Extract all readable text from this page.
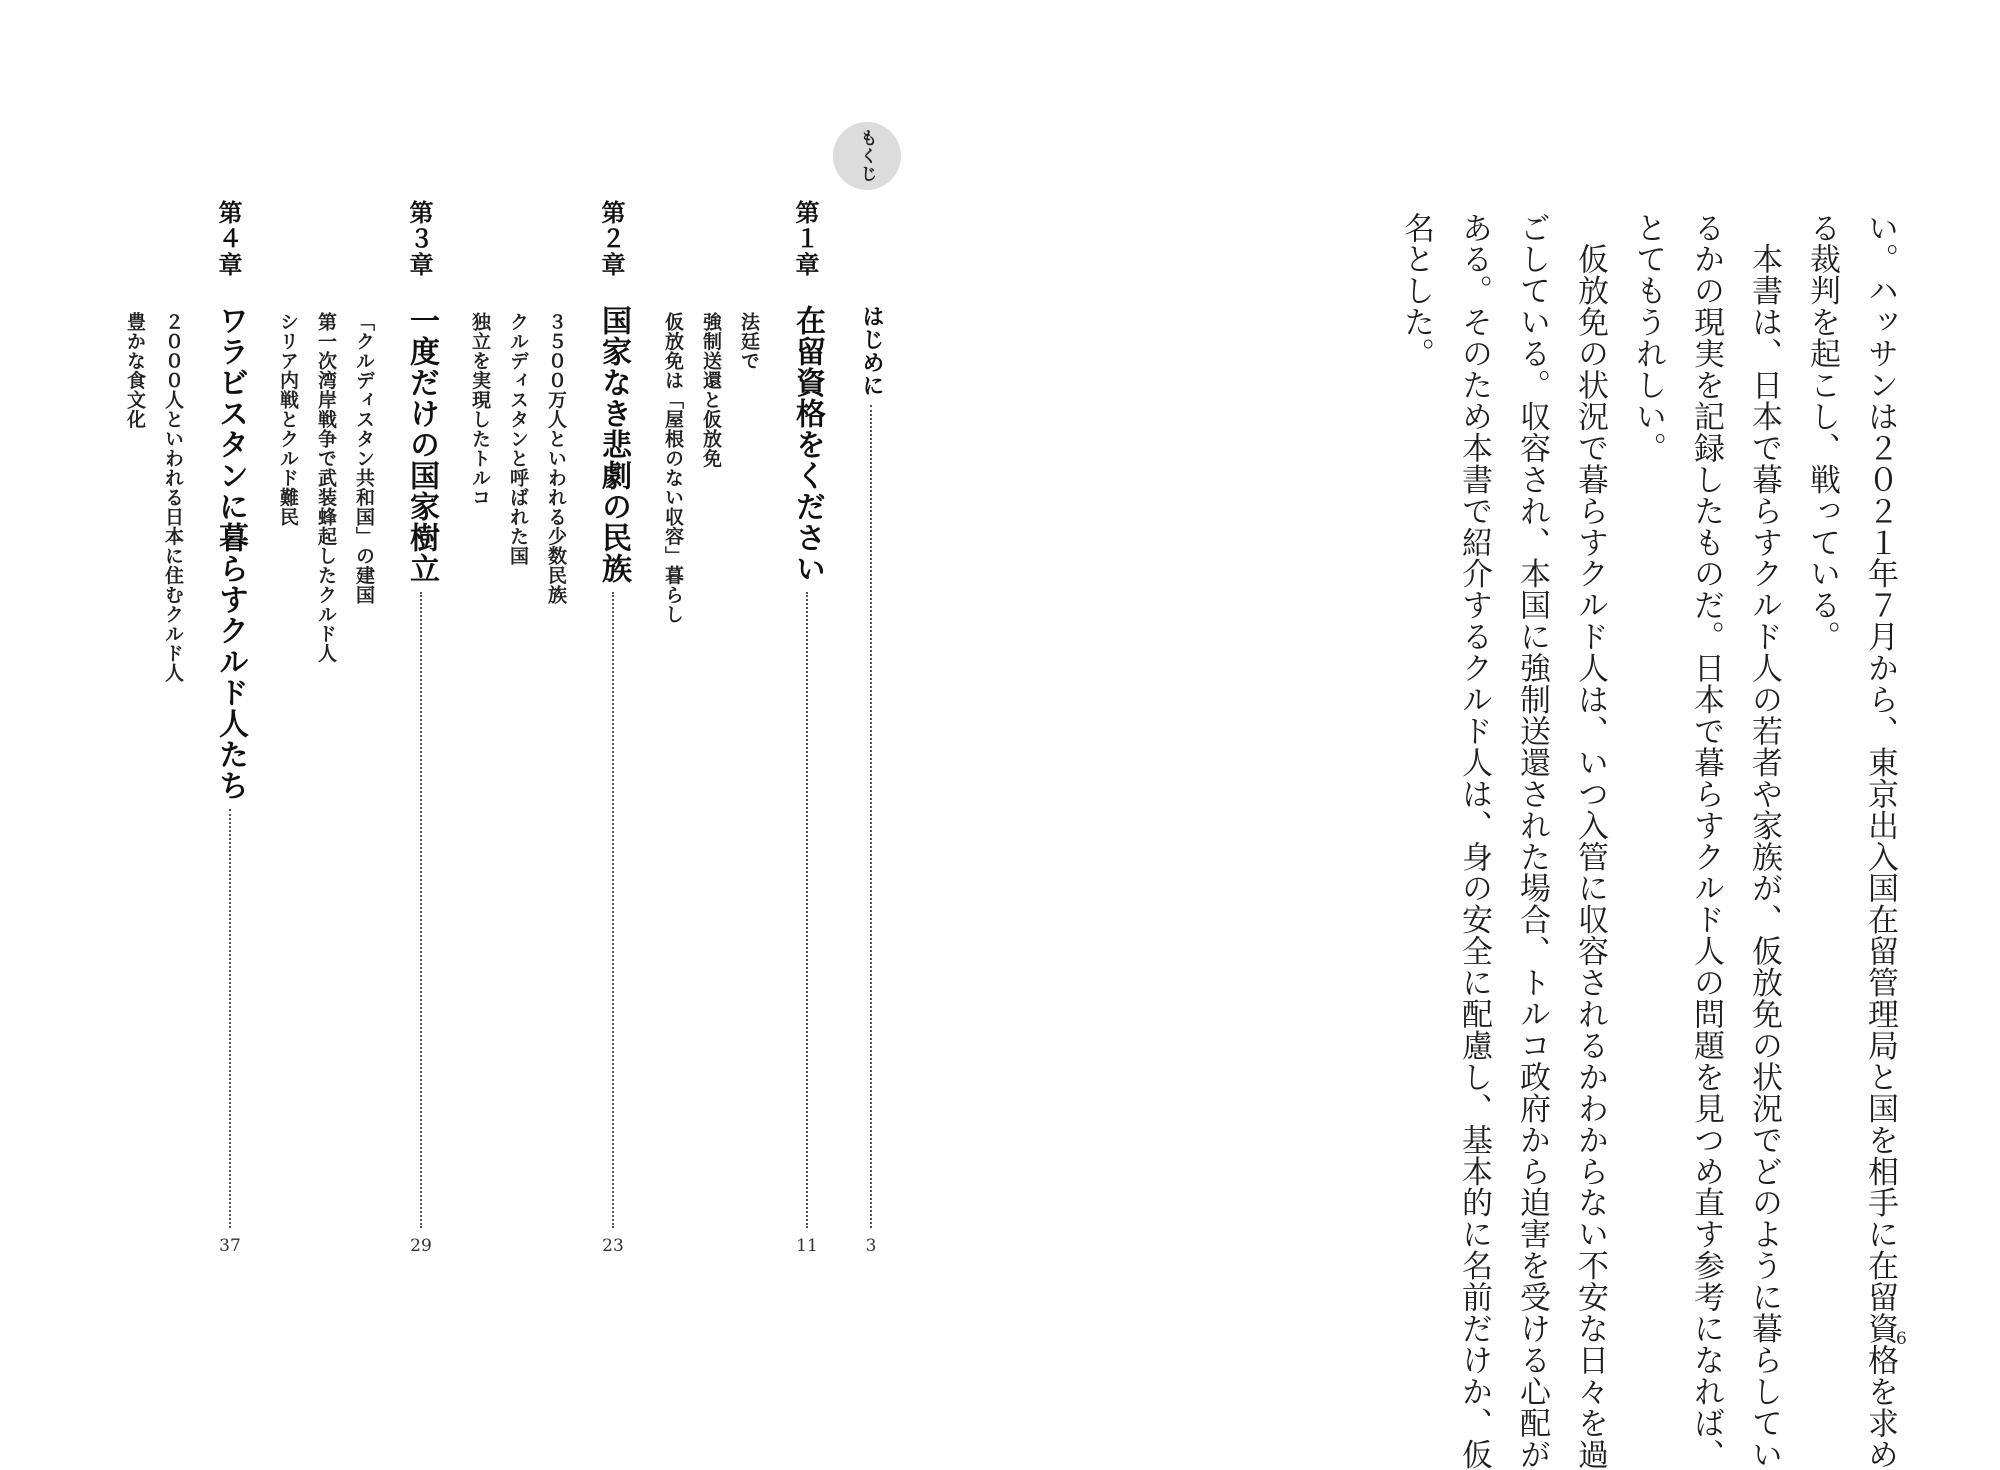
もくじ
はじめに
3
第１章
在留資格をください
11
法廷で
強制送還と仮放免
仮放免は「屋根のない収容」暮らし
第２章
国家なき悲劇の民族
23
３５００万人といわれる少数民族
クルディスタンと呼ばれた国
独立を実現したトルコ
第３章
一度だけの国家樹立
29
「クルディスタン共和国」の建国
第一次湾岸戦争で武装蜂起したクルド人
シリア内戦とクルド難民
第４章
ワラビスタンに暮らすクルド人たち
37
２０００人といわれる日本に住むクルド人
豊かな食文化	い。ハッサンは２０２１年７月から、東京出入国在留管理局と国を相手に在留資格を求め
る裁判を起こし、戦っている。
　本書は、日本で暮らすクルド人の若者や家族が、仮放免の状況でどのように暮らしてい
るかの現実を記録したものだ。日本で暮らすクルド人の問題を見つめ直す参考になれば、
とてもうれしい。
　仮放免の状況で暮らすクルド人は、いつ入管に収容されるかわからない不安な日々を過
ごしている。収容され、本国に強制送還された場合、トルコ政府から迫害を受ける心配が
ある。そのため本書で紹介するクルド人は、身の安全に配慮し、基本的に名前だけか、仮
名とした。
6
